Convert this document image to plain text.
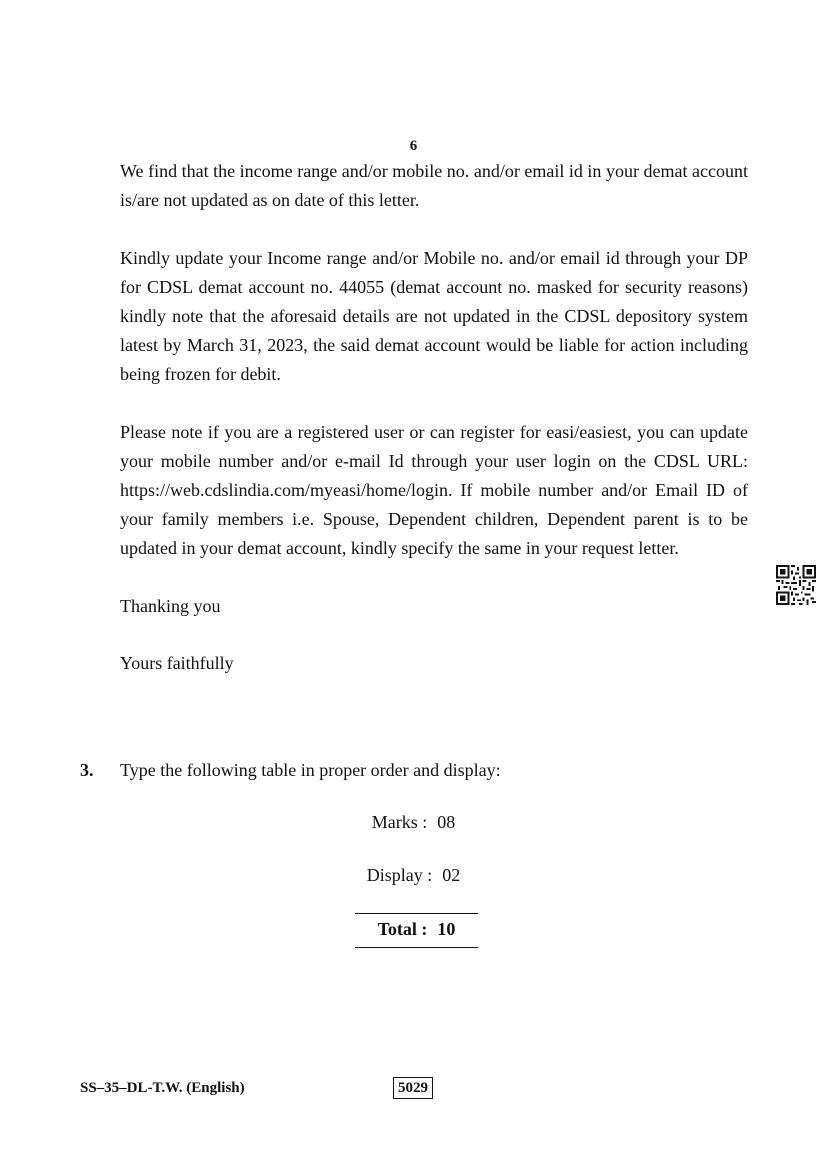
6

We find that the income range and/or mobile no. and/or email id in your demat account is/are not updated as on date of this letter.

Kindly update your Income range and/or Mobile no. and/or email id through your DP for CDSL demat account no. 44055 (demat account no. masked for security reasons) kindly note that the aforesaid details are not updated in the CDSL depository system latest by March 31, 2023, the said demat account would be liable for action including being frozen for debit.

Please note if you are a registered user or can register for easi/easiest, you can update your mobile number and/or e-mail Id through your user login on the CDSL URL: https://web.cdslindia.com/myeasi/home/login. If mobile number and/or Email ID of your family members i.e. Spouse, Dependent children, Dependent parent is to be updated in your demat account, kindly specify the same in your request letter.

Thanking you

Yours faithfully

3. Type the following table in proper order and display:
Marks : 08
Display : 02
Total : 10
SS–35–DL-T.W. (English)	5029
